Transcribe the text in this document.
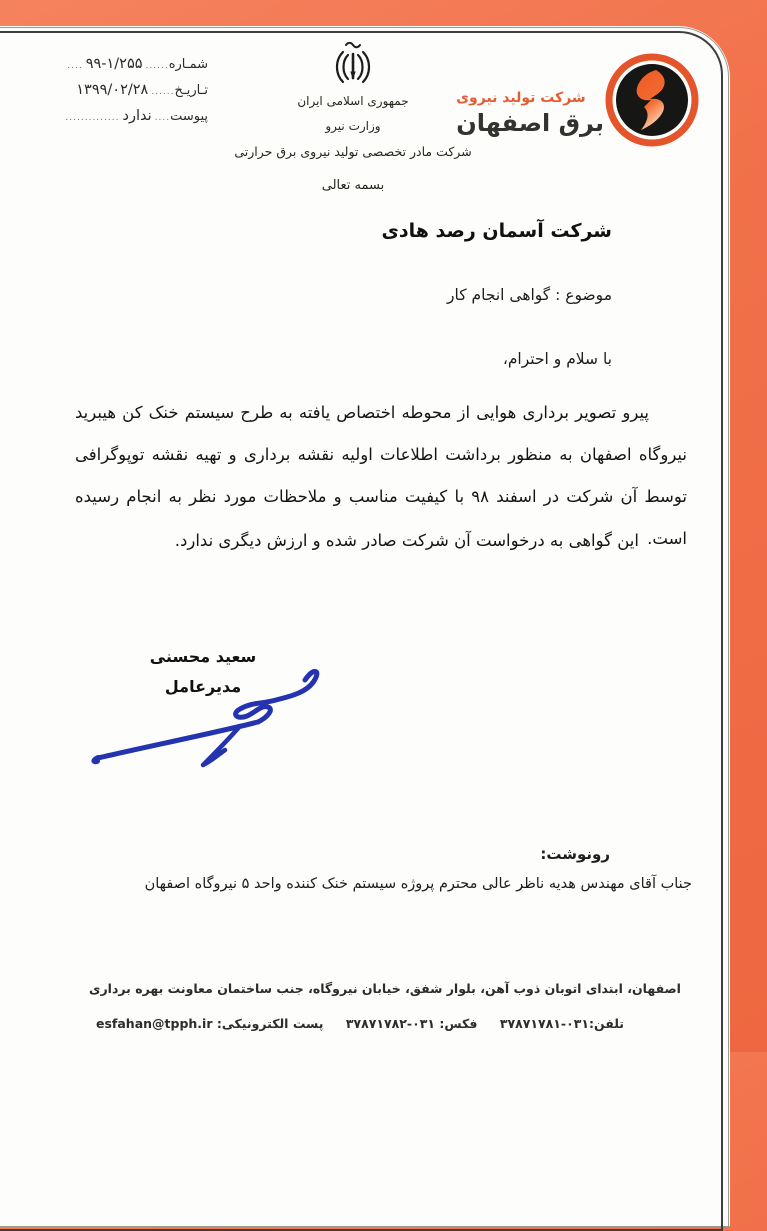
شمـاره
......
۹۹-۱/۲۵۵
....
تـاریـخ
......
۱۳۹۹/۰۲/۲۸
پیوست
....
ندارد
..............
جمهوری اسلامی ایران
وزارت نیرو
شرکت مادر تخصصی تولید نیروی برق حرارتی
بسمه تعالی
شرکت تولید نیروی
برق اصفهان
شرکت آسمان رصد هادی
موضوع : گواهی انجام کار
با سلام و احترام،
پیرو تصویر برداری هوایی از محوطه اختصاص یافته به طرح سیستم خنک کن هیبرید نیروگاه اصفهان به منظور برداشت اطلاعات اولیه نقشه برداری و تهیه نقشه توپوگرافی توسط آن شرکت در اسفند ۹۸ با کیفیت مناسب و ملاحظات مورد نظر به انجام رسیده است.
این گواهی به درخواست آن شرکت صادر شده و ارزش دیگری ندارد.
سعید محسنی
مدیرعامل
رونوشت:
جناب آقای مهندس هدیه ناظر عالی محترم پروژه سیستم خنک کننده واحد ۵ نیروگاه اصفهان
اصفهان، ابتدای اتوبان ذوب آهن، بلوار شفق، خیابان نیروگاه، جنب ساختمان معاونت بهره برداری
تلفن:۰۳۱-۳۷۸۷۱۷۸۱ فکس: ۰۳۱-۳۷۸۷۱۷۸۲ پست الکترونیکی: esfahan@tpph.ir
